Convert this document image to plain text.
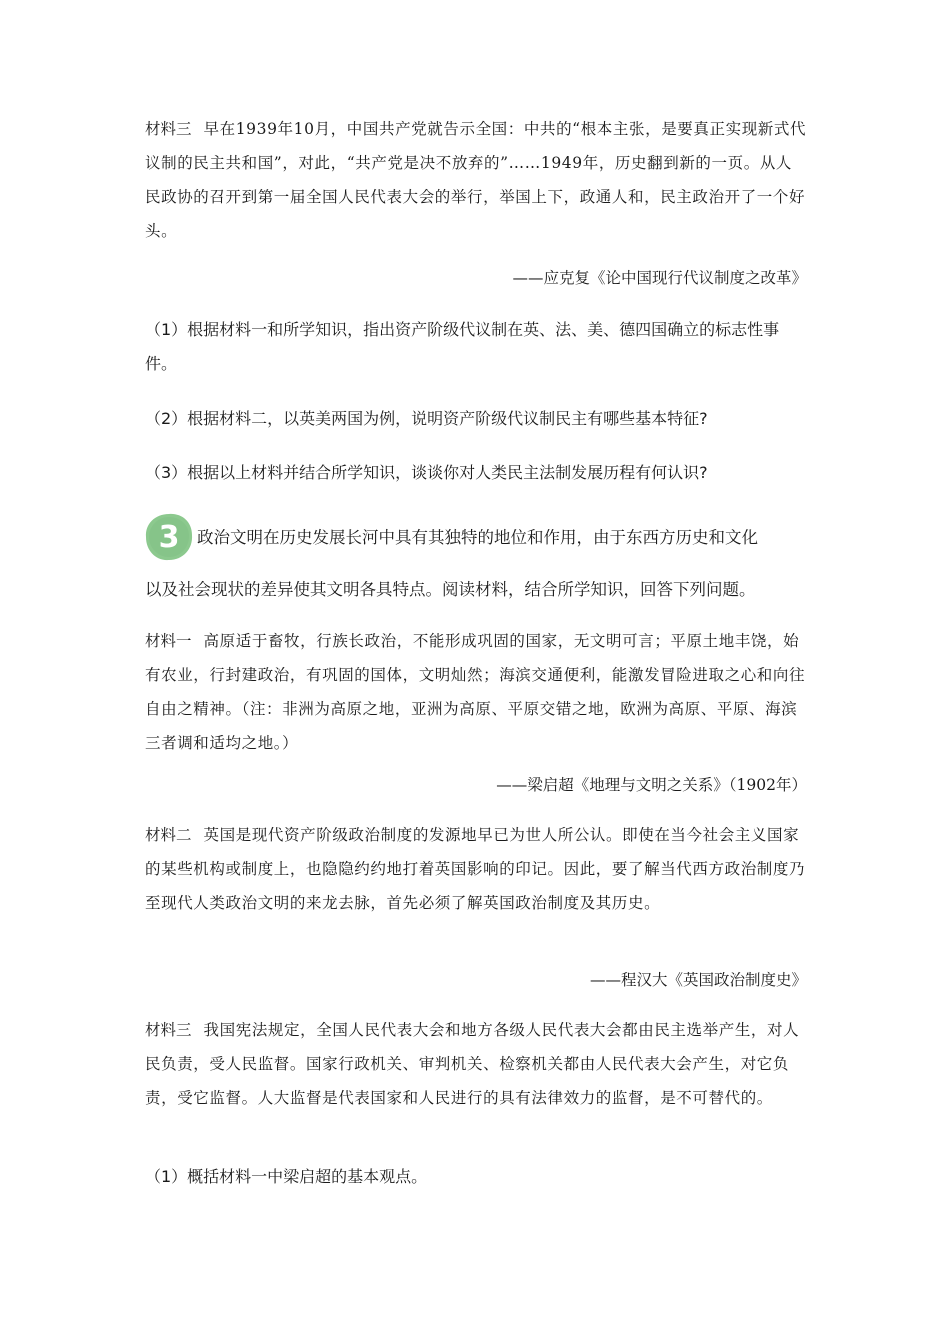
材料三 早在1939年10月，中国共产党就告示全国：中共的“根本主张，是要真正实现新式代议制的民主共和国”，对此，“共产党是决不放弃的”……1949年，历史翻到新的一页。从人民政协的召开到第一届全国人民代表大会的举行，举国上下，政通人和，民主政治开了一个好头。
——应克复《论中国现行代议制度之改革》
（1）根据材料一和所学知识，指出资产阶级代议制在英、法、美、德四国确立的标志性事件。
（2）根据材料二，以英美两国为例，说明资产阶级代议制民主有哪些基本特征?
（3）根据以上材料并结合所学知识，谈谈你对人类民主法制发展历程有何认识?
3	政治文明在历史发展长河中具有其独特的地位和作用，由于东西方历史和文化
以及社会现状的差异使其文明各具特点。阅读材料，结合所学知识，回答下列问题。
材料一 高原适于畜牧，行族长政治，不能形成巩固的国家，无文明可言；平原土地丰饶，始有农业，行封建政治，有巩固的国体，文明灿然；海滨交通便利，能激发冒险进取之心和向往自由之精神。（注：非洲为高原之地，亚洲为高原、平原交错之地，欧洲为高原、平原、海滨三者调和适均之地。）
——梁启超《地理与文明之关系》（1902年）
材料二 英国是现代资产阶级政治制度的发源地早已为世人所公认。即使在当今社会主义国家的某些机构或制度上，也隐隐约约地打着英国影响的印记。因此，要了解当代西方政治制度乃至现代人类政治文明的来龙去脉，首先必须了解英国政治制度及其历史。
——程汉大《英国政治制度史》
材料三 我国宪法规定，全国人民代表大会和地方各级人民代表大会都由民主选举产生，对人民负责，受人民监督。国家行政机关、审判机关、检察机关都由人民代表大会产生，对它负责，受它监督。人大监督是代表国家和人民进行的具有法律效力的监督，是不可替代的。
（1）概括材料一中梁启超的基本观点。
